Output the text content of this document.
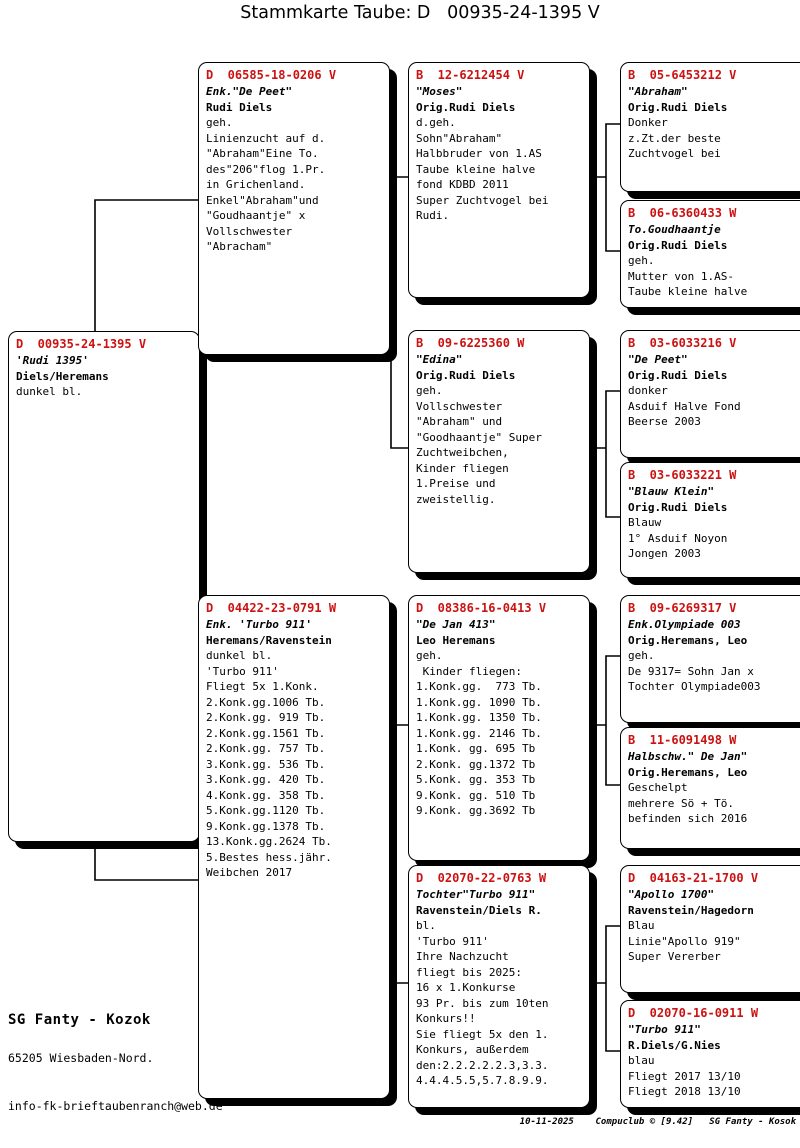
Stammkarte Taube: D   00935-24-1395 V
D  00935-24-1395 V
'Rudi 1395'
Diels/Heremans
dunkel bl.
D  06585-18-0206 V
Enk."De Peet"
Rudi Diels
geh.
Linienzucht auf d.
"Abraham"Eine To.
des"206"flog 1.Pr.
in Grichenland.
Enkel"Abraham"und
"Goudhaantje" x
Vollschwester
"Abracham"
D  04422-23-0791 W
Enk. 'Turbo 911'
Heremans/Ravenstein
dunkel bl.
'Turbo 911'
Fliegt 5x 1.Konk.
2.Konk.gg.1006 Tb.
2.Konk.gg. 919 Tb.
2.Konk.gg.1561 Tb.
2.Konk.gg. 757 Tb.
3.Konk.gg. 536 Tb.
3.Konk.gg. 420 Tb.
4.Konk.gg. 358 Tb.
5.Konk.gg.1120 Tb.
9.Konk.gg.1378 Tb.
13.Konk.gg.2624 Tb.
5.Bestes hess.jähr.
Weibchen 2017
B  12-6212454 V
"Moses"
Orig.Rudi Diels
d.geh.
Sohn"Abraham"
Halbbruder von 1.AS
Taube kleine halve
fond KDBD 2011
Super Zuchtvogel bei
Rudi.
B  09-6225360 W
"Edina"
Orig.Rudi Diels
geh.
Vollschwester
"Abraham" und
"Goodhaantje" Super
Zuchtweibchen,
Kinder fliegen
1.Preise und
zweistellig.
D  08386-16-0413 V
"De Jan 413"
Leo Heremans
geh.
Kinder fliegen:
1.Konk.gg.  773 Tb.
1.Konk.gg. 1090 Tb.
1.Konk.gg. 1350 Tb.
1.Konk.gg. 2146 Tb.
1.Konk. gg. 695 Tb
2.Konk. gg.1372 Tb
5.Konk. gg. 353 Tb
9.Konk. gg. 510 Tb
9.Konk. gg.3692 Tb
D  02070-22-0763 W
Tochter"Turbo 911"
Ravenstein/Diels R.
bl.
'Turbo 911'
Ihre Nachzucht
fliegt bis 2025:
16 x 1.Konkurse
93 Pr. bis zum 10ten
Konkurs!!
Sie fliegt 5x den 1.
Konkurs, außerdem
den:2.2.2.2.2.3,3.3.
4.4.4.5.5,5.7.8.9.9.
B  05-6453212 V
"Abraham"
Orig.Rudi Diels
Donker
z.Zt.der beste
Zuchtvogel bei
B  06-6360433 W
To.Goudhaantje
Orig.Rudi Diels
geh.
Mutter von 1.AS-
Taube kleine halve
B  03-6033216 V
"De Peet"
Orig.Rudi Diels
donker
Asduif Halve Fond
Beerse 2003
B  03-6033221 W
"Blauw Klein"
Orig.Rudi Diels
Blauw
1° Asduif Noyon
Jongen 2003
B  09-6269317 V
Enk.Olympiade 003
Orig.Heremans, Leo
geh.
De 9317= Sohn Jan x
Tochter Olympiade003
B  11-6091498 W
Halbschw." De Jan"
Orig.Heremans, Leo
Geschelpt
mehrere Sö + Tö.
befinden sich 2016
D  04163-21-1700 V
"Apollo 1700"
Ravenstein/Hagedorn
Blau
Linie"Apollo 919"
Super Vererber
D  02070-16-0911 W
"Turbo 911"
R.Diels/G.Nies
blau
Fliegt 2017 13/10
Fliegt 2018 13/10
SG Fanty - Kozok
65205 Wiesbaden-Nord.
info-fk-brieftaubenranch@web.de
10-11-2025    Compuclub © [9.42]   SG Fanty - Kosok
